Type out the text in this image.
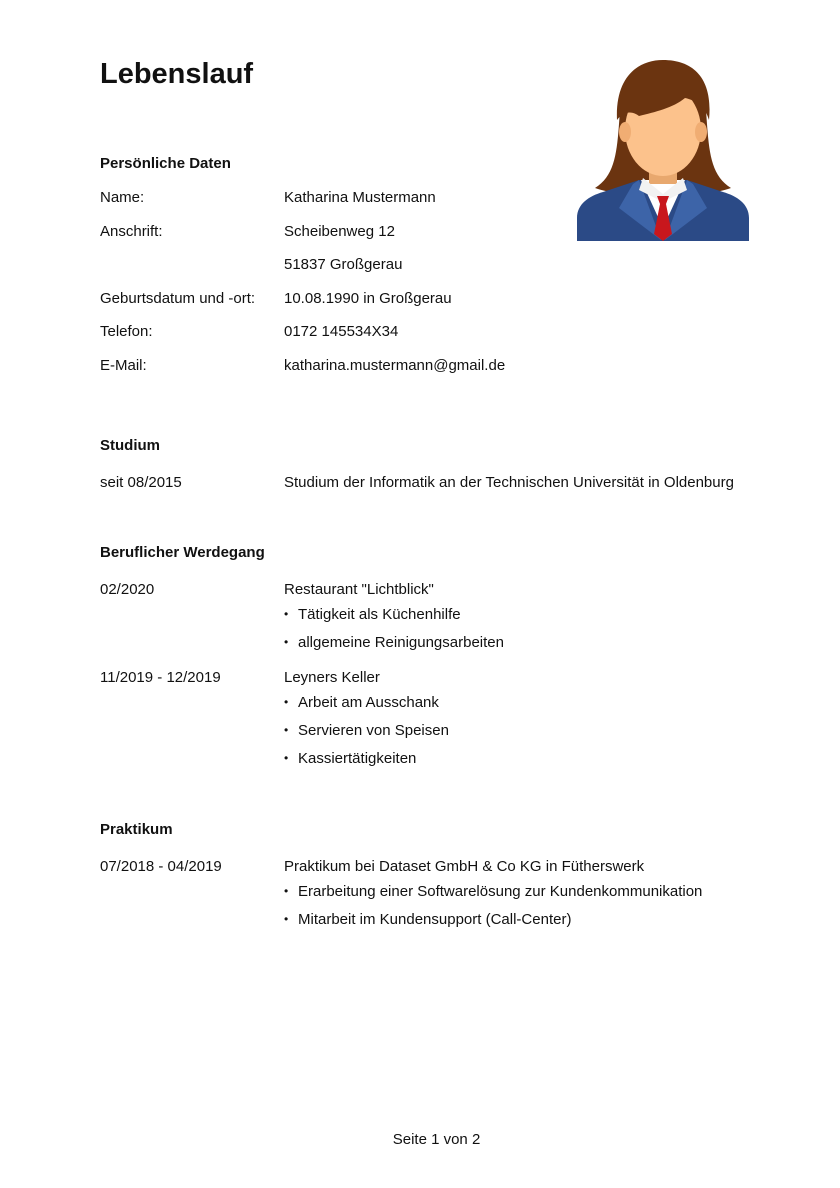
Lebenslauf
Persönliche Daten
Name:	Katharina Mustermann
Anschrift:	Scheibenweg 12
51837 Großgerau
Geburtsdatum und -ort:	10.08.1990 in Großgerau
Telefon:	0172 145534X34
E-Mail:	katharina.mustermann@gmail.de
Studium
seit 08/2015	Studium der Informatik an der Technischen Universität in Oldenburg
Beruflicher Werdegang
02/2020	Restaurant "Lichtblick"
• Tätigkeit als Küchenhilfe
• allgemeine Reinigungsarbeiten
11/2019 - 12/2019	Leyners Keller
• Arbeit am Ausschank
• Servieren von Speisen
• Kassiertätigkeiten
Praktikum
07/2018 - 04/2019	Praktikum bei Dataset GmbH & Co KG in Fütherswerk
• Erarbeitung einer Softwarelösung zur Kundenkommunikation
• Mitarbeit im Kundensupport (Call-Center)
Seite 1 von 2
